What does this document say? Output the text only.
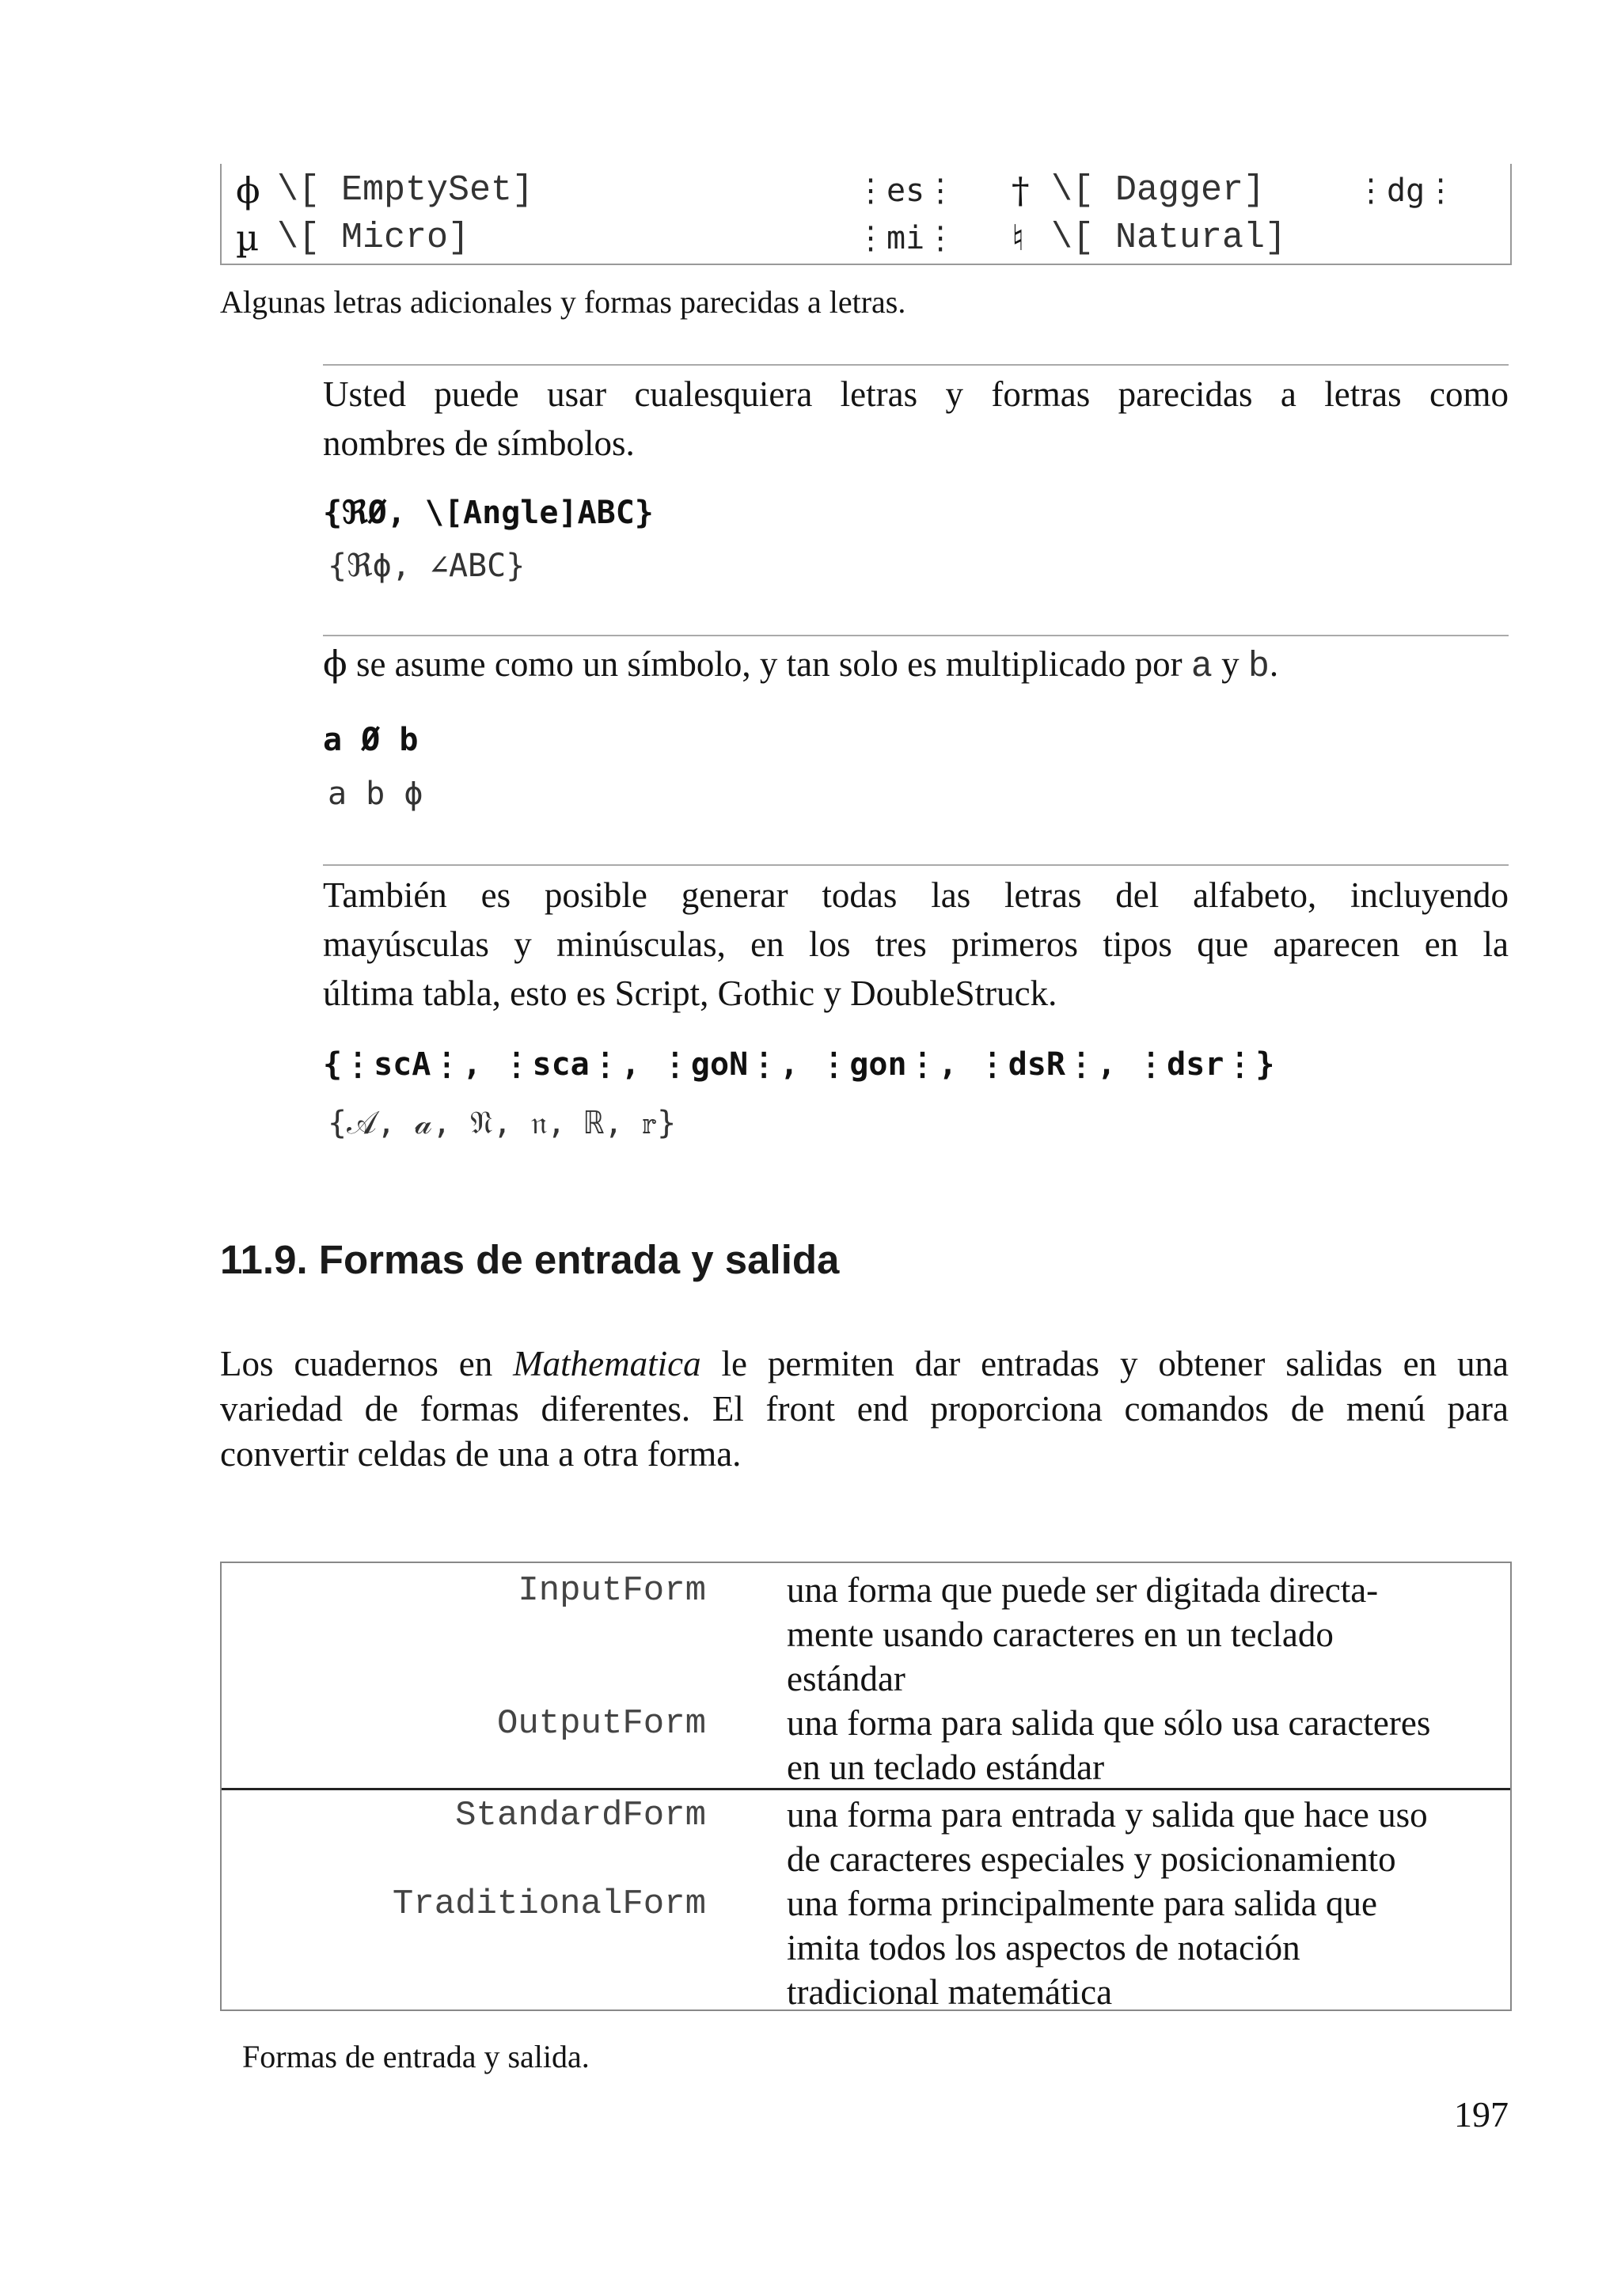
ϕ \[ EmptySet]	⋮es⋮ † \[ Dagger]	⋮dg⋮
µ \[ Micro]	⋮mi⋮ ♮ \[ Natural]
Algunas letras adicionales y formas parecidas a letras.
Usted puede usar cualesquiera letras y formas parecidas a letras como
nombres de símbolos.
{ℜØ, \[Angle]ABC}
{ℜϕ, ∠ABC}
ϕ se asume como un símbolo, y tan solo es multiplicado por a y b.
a Ø b
a b ϕ
También es posible generar todas las letras del alfabeto, incluyendo
mayúsculas y minúsculas, en los tres primeros tipos que aparecen en la
última tabla, esto es Script, Gothic y DoubleStruck.
{⋮scA⋮, ⋮sca⋮, ⋮goN⋮, ⋮gon⋮, ⋮dsR⋮, ⋮dsr⋮}
{𝒜, 𝒶, 𝔑, 𝔫, ℝ, 𝕣}
11.9. Formas de entrada y salida
Los cuadernos en Mathematica le permiten dar entradas y obtener salidas en una
variedad de formas diferentes. El front end proporciona comandos de menú para
convertir celdas de una a otra forma.
InputForm una forma que puede ser digitada directa-
mente usando caracteres en un teclado
estándar
OutputForm una forma para salida que sólo usa caracteres
en un teclado estándar
StandardForm una forma para entrada y salida que hace uso
de caracteres especiales y posicionamiento
TraditionalForm una forma principalmente para salida que
imita todos los aspectos de notación
tradicional matemática
Formas de entrada y salida.
197
